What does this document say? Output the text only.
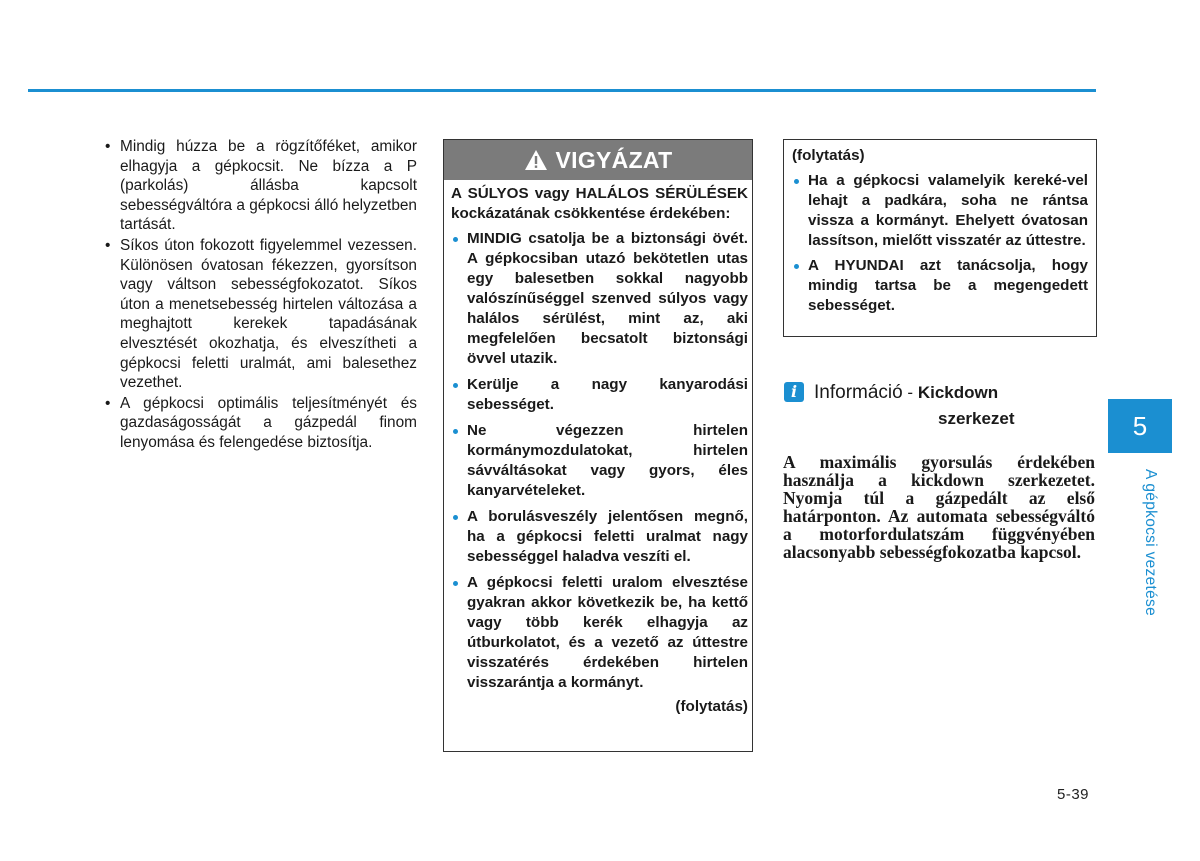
• Mindig húzza be a rögzítőféket, amikor elhagyja a gépkocsit. Ne bízza a P (parkolás) állásba kapcsolt sebességváltóra a gépkocsi álló helyzetben tartását.
• Síkos úton fokozott figyelemmel vezessen. Különösen óvatosan fékezzen, gyorsítson vagy váltson sebességfokozatot. Síkos úton a menetsebesség hirtelen változása a meghajtott kerekek tapadásának elvesztését okozhatja, és elveszítheti a gépkocsi feletti uralmát, ami balesethez vezethet.
• A gépkocsi optimális teljesítményét és gazdaságosságát a gázpedál finom lenyomása és felengedése biztosítja.
VIGYÁZAT

A SÚLYOS vagy HALÁLOS SÉRÜLÉSEK kockázatának csökkentése érdekében:

MINDIG csatolja be a biztonsági övét. A gépkocsiban utazó bekötetlen utas egy balesetben sokkal nagyobb valószínűséggel szenved súlyos vagy halálos sérülést, mint az, aki megfelelően becsatolt biztonsági övvel utazik.
Kerülje a nagy kanyarodási sebességet.
Ne végezzen hirtelen kormánymozdulatokat, hirtelen sávváltásokat vagy gyors, éles kanyarvételeket.
A borulásveszély jelentősen megnő, ha a gépkocsi feletti uralmat nagy sebességgel haladva veszíti el.
A gépkocsi feletti uralom elvesztése gyakran akkor következik be, ha kettő vagy több kerék elhagyja az útburkolatot, és a vezető az úttestre visszatérés érdekében hirtelen visszarántja a kormányt.
(folytatás)

(folytatás)

Ha a gépkocsi valamelyik kereké-vel lehajt a padkára, soha ne rántsa vissza a kormányt. Ehelyett óvatosan lassítson, mielőtt visszatér az úttestre.
A HYUNDAI azt tanácsolja, hogy mindig tartsa be a megengedett sebességet.
i Információ - Kickdown
szerkezet

A maximális gyorsulás érdekében használja a kickdown szerkezetet. Nyomja túl a gázpedált az első határponton. Az automata sebességváltó a motorfordulatszám függvényében alacsonyabb sebességfokozatba kapcsol.

5
A gépkocsi vezetése
5-39
